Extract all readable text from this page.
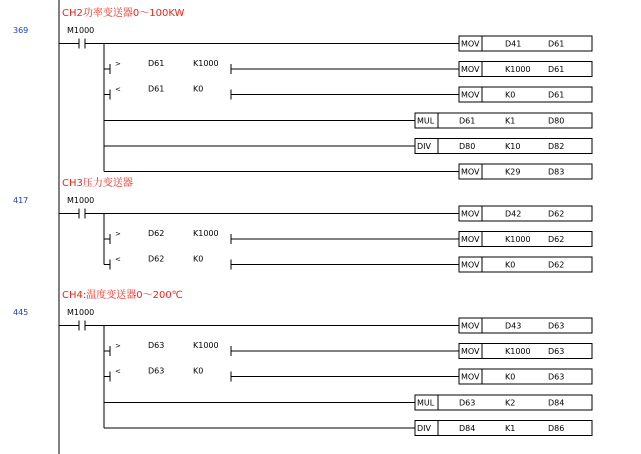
CH2功率变送器0～100KW
369	M1000
MOV	D41	D61
>	D61	K1000
MOV	K1000 D61
<	D61	K0
MOV	K0	D61
MUL	D61	K1	D80
DIV	D80	K10	D82
MOV	K29	D83
CH3压力变送器
417	M1000
MOV	D42	D62
>	D62	K1000
MOV	K1000 D62
<	D62	K0
MOV	K0	D62
CH4:温度变送器0～200℃
445	M1000
MOV	D43	D63
>	D63	K1000
MOV	K1000 D63
<	D63	K0
MOV	K0	D63
MUL	D63	K2	D84
DIV	D84	K1	D86
